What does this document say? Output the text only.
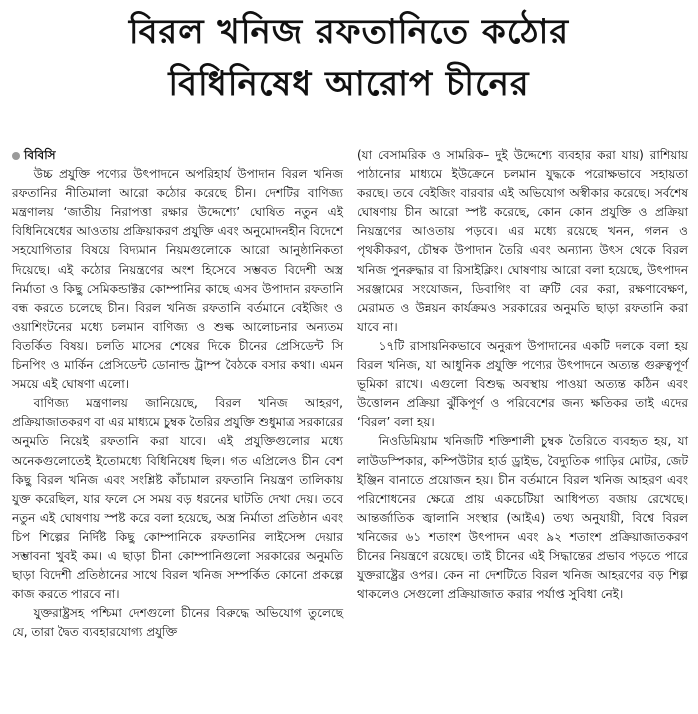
বিরল খনিজ রফতানিতে কঠোর
বিধিনিষেধ আরোপ চীনের
বিবিসি

উচ্চ প্রযুক্তি পণ্যের উৎপাদনে অপরিহার্য উপাদান বিরল খনিজ রফতানির নীতিমালা আরো কঠোর করেছে চীন। দেশটির বাণিজ্য মন্ত্রণালয় ‘জাতীয় নিরাপত্তা রক্ষার উদ্দেশ্যে’ ঘোষিত নতুন এই বিধিনিষেধের আওতায় প্রক্রিয়াকরণ প্রযুক্তি এবং অনুমোদনহীন বিদেশে সহযোগিতার বিষয়ে বিদ্যমান নিয়মগুলোকে আরো আনুষ্ঠানিকতা দিয়েছে। এই কঠোর নিয়ন্ত্রণের অংশ হিসেবে সম্ভবত বিদেশী অস্ত্র নির্মাতা ও কিছু সেমিকন্ডাক্টর কোম্পানির কাছে এসব উপাদান রফতানি বন্ধ করতে চলেছে চীন। বিরল খনিজ রফতানি বর্তমানে বেইজিং ও ওয়াশিংটনের মধ্যে চলমান বাণিজ্য ও শুল্ক আলোচনার অন্যতম বিতর্কিত বিষয়। চলতি মাসের শেষের দিকে চীনের প্রেসিডেন্ট সি চিনপিং ও মার্কিন প্রেসিডেন্ট ডোনাল্ড ট্রাম্প বৈঠকে বসার কথা। এমন সময়ে এই ঘোষণা এলো।

বাণিজ্য মন্ত্রণালয় জানিয়েছে, বিরল খনিজ আহরণ, প্রক্রিয়াজাতকরণ বা এর মাধ্যমে চুম্বক তৈরির প্রযুক্তি শুধুমাত্র সরকারের অনুমতি নিয়েই রফতানি করা যাবে। এই প্রযুক্তিগুলোর মধ্যে অনেকগুলোতেই ইতোমধ্যে বিধিনিষেধ ছিল। গত এপ্রিলেও চীন বেশ কিছু বিরল খনিজ এবং সংশ্লিষ্ট কাঁচামাল রফতানি নিয়ন্ত্রণ তালিকায় যুক্ত করেছিল, যার ফলে সে সময় বড় ধরনের ঘাটতি দেখা দেয়। তবে নতুন এই ঘোষণায় স্পষ্ট করে বলা হয়েছে, অস্ত্র নির্মাতা প্রতিষ্ঠান এবং চিপ শিল্পের নির্দিষ্ট কিছু কোম্পানিকে রফতানির লাইসেন্স দেয়ার সম্ভাবনা খুবই কম। এ ছাড়া চীনা কোম্পানিগুলো সরকারের অনুমতি ছাড়া বিদেশী প্রতিষ্ঠানের সাথে বিরল খনিজ সম্পর্কিত কোনো প্রকল্পে কাজ করতে পারবে না।

যুক্তরাষ্ট্রসহ পশ্চিমা দেশগুলো চীনের বিরুদ্ধে অভিযোগ তুলেছে যে, তারা দ্বৈত ব্যবহারযোগ্য প্রযুক্তি

(যা বেসামরিক ও সামরিক– দুই উদ্দেশ্যে ব্যবহার করা যায়) রাশিয়ায় পাঠানোর মাধ্যমে ইউক্রেনে চলমান যুদ্ধকে পরোক্ষভাবে সহায়তা করছে। তবে বেইজিং বারবার এই অভিযোগ অস্বীকার করেছে। সর্বশেষ ঘোষণায় চীন আরো স্পষ্ট করেছে, কোন কোন প্রযুক্তি ও প্রক্রিয়া নিয়ন্ত্রণের আওতায় পড়বে। এর মধ্যে রয়েছে খনন, গলন ও পৃথকীকরণ, চৌম্বক উপাদান তৈরি এবং অন্যান্য উৎস থেকে বিরল খনিজ পুনরুদ্ধার বা রিসাইক্লিং। ঘোষণায় আরো বলা হয়েছে, উৎপাদন সরঞ্জামের সংযোজন, ডিবাগিং বা ত্রুটি বের করা, রক্ষণাবেক্ষণ, মেরামত ও উন্নয়ন কার্যক্রমও সরকারের অনুমতি ছাড়া রফতানি করা যাবে না।

১৭টি রাসায়নিকভাবে অনুরূপ উপাদানের একটি দলকে বলা হয় বিরল খনিজ, যা আধুনিক প্রযুক্তি পণ্যের উৎপাদনে অত্যন্ত গুরুত্বপূর্ণ ভূমিকা রাখে। এগুলো বিশুদ্ধ অবস্থায় পাওয়া অত্যন্ত কঠিন এবং উত্তোলন প্রক্রিয়া ঝুঁকিপূর্ণ ও পরিবেশের জন্য ক্ষতিকর তাই এদের ‘বিরল’ বলা হয়।

নিওডিমিয়াম খনিজটি শক্তিশালী চুম্বক তৈরিতে ব্যবহৃত হয়, যা লাউডস্পিকার, কম্পিউটার হার্ড ড্রাইভ, বৈদ্যুতিক গাড়ির মোটর, জেট ইঞ্জিন বানাতে প্রয়োজন হয়। চীন বর্তমানে বিরল খনিজ আহরণ এবং পরিশোধনের ক্ষেত্রে প্রায় একচেটিয়া আধিপত্য বজায় রেখেছে। আন্তর্জাতিক জ্বালানি সংস্থার (আইএ) তথ্য অনুযায়ী, বিশ্বে বিরল খনিজের ৬১ শতাংশ উৎপাদন এবং ৯২ শতাংশ প্রক্রিয়াজাতকরণ চীনের নিয়ন্ত্রণে রয়েছে। তাই চীনের এই সিদ্ধান্তের প্রভাব পড়তে পারে যুক্তরাষ্ট্রের ওপর। কেন না দেশটিতে বিরল খনিজ আহরণের বড় শিল্প থাকলেও সেগুলো প্রক্রিয়াজাত করার পর্যাপ্ত সুবিধা নেই।
